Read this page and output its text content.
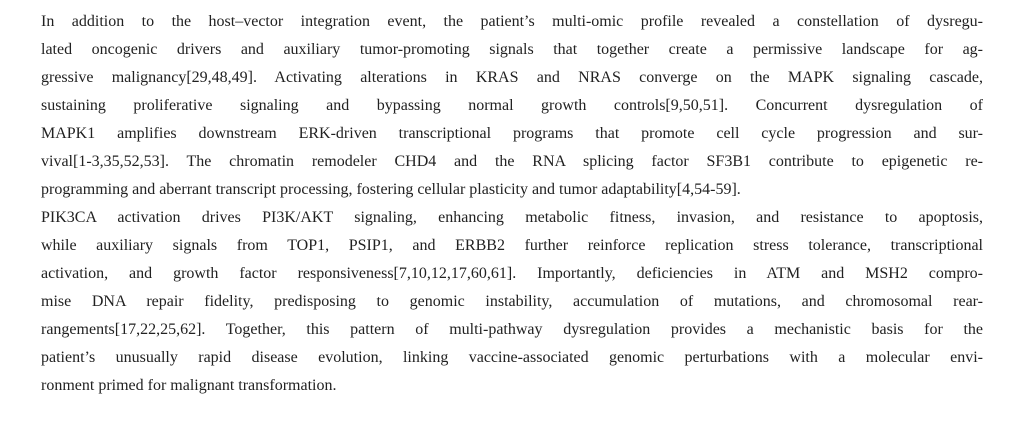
In addition to the host–vector integration event, the patient’s multi-omic profile revealed a constellation of dysregu-
lated oncogenic drivers and auxiliary tumor-promoting signals that together create a permissive landscape for ag-
gressive malignancy[29,48,49]. Activating alterations in KRAS and NRAS converge on the MAPK signaling cascade,
sustaining proliferative signaling and bypassing normal growth controls[9,50,51]. Concurrent dysregulation of
MAPK1 amplifies downstream ERK-driven transcriptional programs that promote cell cycle progression and sur-
vival[1-3,35,52,53]. The chromatin remodeler CHD4 and the RNA splicing factor SF3B1 contribute to epigenetic re-
programming and aberrant transcript processing, fostering cellular plasticity and tumor adaptability[4,54-59].
PIK3CA activation drives PI3K/AKT signaling, enhancing metabolic fitness, invasion, and resistance to apoptosis,
while auxiliary signals from TOP1, PSIP1, and ERBB2 further reinforce replication stress tolerance, transcriptional
activation, and growth factor responsiveness[7,10,12,17,60,61]. Importantly, deficiencies in ATM and MSH2 compro-
mise DNA repair fidelity, predisposing to genomic instability, accumulation of mutations, and chromosomal rear-
rangements[17,22,25,62]. Together, this pattern of multi-pathway dysregulation provides a mechanistic basis for the
patient’s unusually rapid disease evolution, linking vaccine-associated genomic perturbations with a molecular envi-
ronment primed for malignant transformation.
